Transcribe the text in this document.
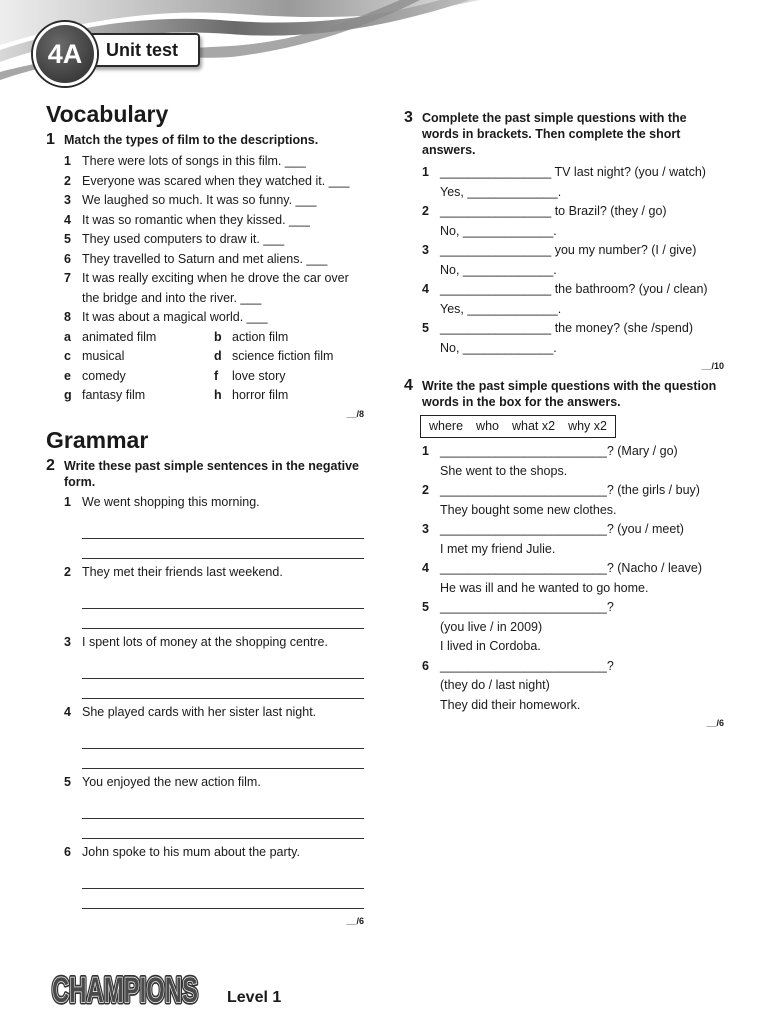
4A	Unit test
Vocabulary
1 Match the types of film to the descriptions.
1 There were lots of songs in this film. ___
2 Everyone was scared when they watched it. ___
3 We laughed so much. It was so funny. ___
4 It was so romantic when they kissed. ___
5 They used computers to draw it. ___
6 They travelled to Saturn and met aliens. ___
7 It was really exciting when he drove the car over the bridge and into the river. ___
8 It was about a magical world. ___
a animated film	b action film
c musical	d science fiction film
e comedy	f	love story
g fantasy film	h horror film
__/8
Grammar
2 Write these past simple sentences in the negative form.
1 We went shopping this morning.
2 They met their friends last weekend.
3 I spent lots of money at the shopping centre.
4 She played cards with her sister last night.
5 You enjoyed the new action film.
6 John spoke to his mum about the party.
__/6
3 Complete the past simple questions with the words in brackets. Then complete the short answers.
1 ________________ TV last night? (you / watch)
Yes, _____________.
2 ________________ to Brazil? (they / go)
No, _____________.
3 ________________ you my number? (I / give)
No, _____________.
4 ________________ the bathroom? (you / clean)
Yes, _____________.
5 ________________ the money? (she /spend)
No, _____________.
__/10
4 Write the past simple questions with the question words in the box for the answers.
where who what x2 why x2
1 ________________________? (Mary / go)
She went to the shops.
2 ________________________? (the girls / buy)
They bought some new clothes.
3 ________________________? (you / meet)
I met my friend Julie.
4 ________________________? (Nacho / leave)
He was ill and he wanted to go home.
5 ________________________?
(you live / in 2009)
I lived in Cordoba.
6 ________________________?
(they do / last night)
They did their homework.
__/6
CHAMPIONS
CHAMPIONS
CHAMPIONS Level 1
